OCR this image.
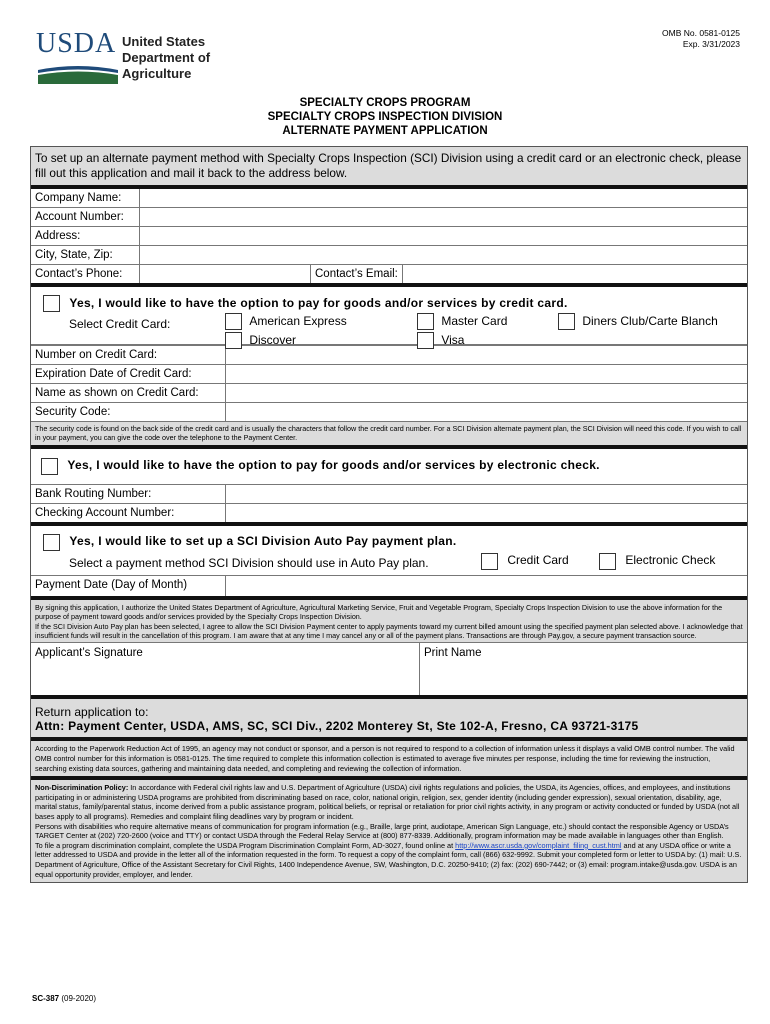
USDA United States
Department of
Agriculture
OMB No. 0581-0125
Exp. 3/31/2023
SPECIALTY CROPS PROGRAM
SPECIALTY CROPS INSPECTION DIVISION
ALTERNATE PAYMENT APPLICATION
To set up an alternate payment method with Specialty Crops Inspection (SCI) Division using a credit card or an electronic check, please fill out this application and mail it back to the address below.
Company Name:
Account Number:
Address:
City, State, Zip:
Contact’s Phone:	Contact’s Email:
Yes, I would like to have the option to pay for goods and/or services by credit card.
Select Credit Card:	American Express	Master Card	Diners Club/Carte Blanch
Discover	Visa
Number on Credit Card:
Expiration Date of Credit Card:
Name as shown on Credit Card:
Security Code:
The security code is found on the back side of the credit card and is usually the characters that follow the credit card number. For a SCI Division alternate payment plan, the SCI Division will need this code. If you wish to call in your payment, you can give the code over the telephone to the Payment Center.
Yes, I would like to have the option to pay for goods and/or services by electronic check.
Bank Routing Number:
Checking Account Number:
Yes, I would like to set up a SCI Division Auto Pay payment plan.
Select a payment method SCI Division should use in Auto Pay plan.	Credit Card	Electronic Check
Payment Date (Day of Month)
By signing this application, I authorize the United States Department of Agriculture, Agricultural Marketing Service, Fruit and Vegetable Program, Specialty Crops Inspection Division to use the above information for the purpose of payment toward goods and/or services provided by the Specialty Crops Inspection Division.
If the SCI Division Auto Pay plan has been selected, I agree to allow the SCI Division Payment center to apply payments toward my current billed amount using the specified payment plan selected above. I acknowledge that insufficient funds will result in the cancellation of this program. I am aware that at any time I may cancel any or all of the payment plans. Transactions are through Pay.gov, a secure payment transaction source.
Applicant’s Signature	Print Name
Return application to:
Attn: Payment Center, USDA, AMS, SC, SCI Div., 2202 Monterey St, Ste 102-A, Fresno, CA 93721-3175
According to the Paperwork Reduction Act of 1995, an agency may not conduct or sponsor, and a person is not required to respond to a collection of information unless it displays a valid OMB control number. The valid OMB control number for this information is 0581-0125. The time required to complete this information collection is estimated to average five minutes per response, including the time for reviewing the instruction, searching existing data sources, gathering and maintaining data needed, and completing and reviewing the collection of information.
Non-Discrimination Policy: In accordance with Federal civil rights law and U.S. Department of Agriculture (USDA) civil rights regulations and policies, the USDA, its Agencies, offices, and employees, and institutions participating in or administering USDA programs are prohibited from discriminating based on race, color, national origin, religion, sex, gender identity (including gender expression), sexual orientation, disability, age, marital status, family/parental status, income derived from a public assistance program, political beliefs, or reprisal or retaliation for prior civil rights activity, in any program or activity conducted or funded by USDA (not all bases apply to all programs). Remedies and complaint filing deadlines vary by program or incident.
Persons with disabilities who require alternative means of communication for program information (e.g., Braille, large print, audiotape, American Sign Language, etc.) should contact the responsible Agency or USDA’s TARGET Center at (202) 720-2600 (voice and TTY) or contact USDA through the Federal Relay Service at (800) 877-8339. Additionally, program information may be made available in languages other than English.
To file a program discrimination complaint, complete the USDA Program Discrimination Complaint Form, AD-3027, found online at http://www.ascr.usda.gov/complaint_filing_cust.html and at any USDA office or write a letter addressed to USDA and provide in the letter all of the information requested in the form. To request a copy of the complaint form, call (866) 632-9992. Submit your completed form or letter to USDA by: (1) mail: U.S. Department of Agriculture, Office of the Assistant Secretary for Civil Rights, 1400 Independence Avenue, SW, Washington, D.C. 20250-9410; (2) fax: (202) 690-7442; or (3) email: program.intake@usda.gov. USDA is an equal opportunity provider, employer, and lender.
SC-387 (09-2020)
